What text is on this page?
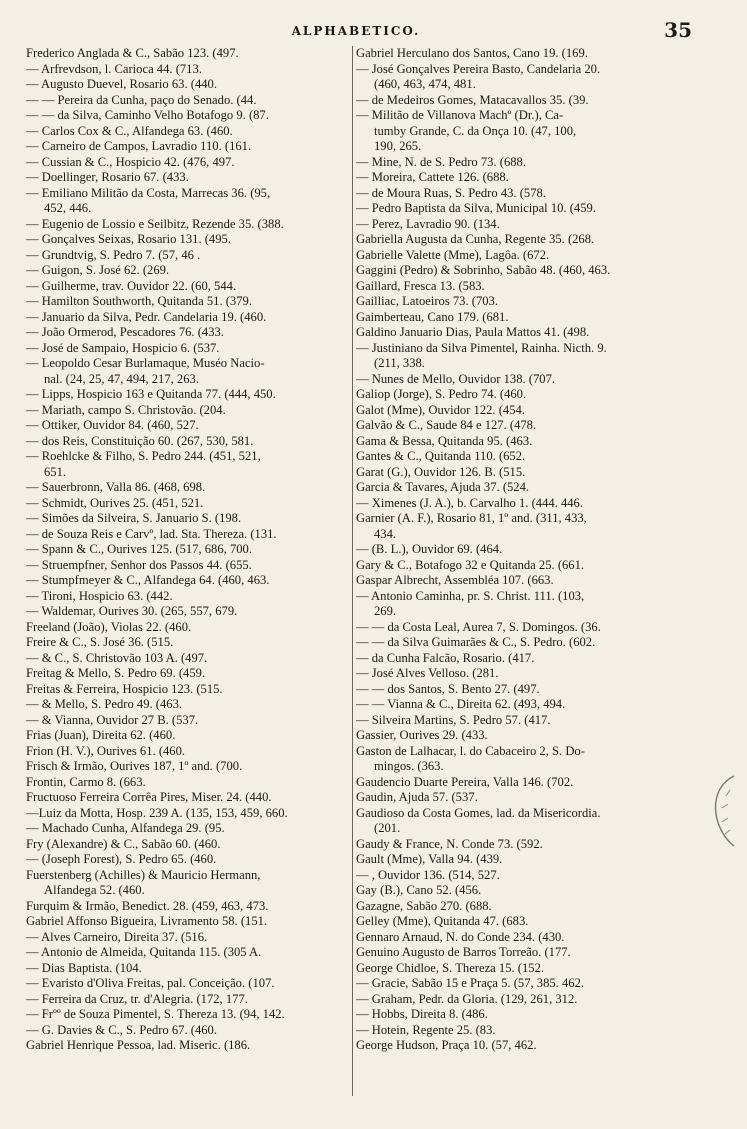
ALPHABETICO.	35
Frederico Anglada & C., Sabão 123. (497.
— Arfrevdson, l. Carioca 44. (713.
— Augusto Duevel, Rosario 63. (440.
— — Pereira da Cunha, paço do Senado. (44.
— — da Silva, Caminho Velho Botafogo 9. (87.
— Carlos Cox & C., Alfandega 63. (460.
— Carneiro de Campos, Lavradio 110. (161.
— Cussian & C., Hospicio 42. (476, 497.
— Doellinger, Rosario 67. (433.
— Emiliano Militão da Costa, Marrecas 36. (95,
452, 446.
— Eugenio de Lossio e Seilbitz, Rezende 35. (388.
— Gonçalves Seixas, Rosario 131. (495.
— Grundtvig, S. Pedro 7. (57, 46 .
— Guigon, S. José 62. (269.
— Guilherme, trav. Ouvidor 22. (60, 544.
— Hamilton Southworth, Quitanda 51. (379.
— Januario da Silva, Pedr. Candelaria 19. (460.
— João Ormerod, Pescadores 76. (433.
— José de Sampaio, Hospicio 6. (537.
— Leopoldo Cesar Burlamaque, Muséo Nacio-
nal. (24, 25, 47, 494, 217, 263.
— Lipps, Hospicio 163 e Quitanda 77. (444, 450.
— Mariath, campo S. Christovão. (204.
— Ottiker, Ouvidor 84. (460, 527.
— dos Reis, Constituição 60. (267, 530, 581.
— Roehlcke & Filho, S. Pedro 244. (451, 521,
651.
— Sauerbronn, Valla 86. (468, 698.
— Schmidt, Ourives 25. (451, 521.
— Simões da Silveira, S. Januario S. (198.
— de Souza Reis e Carvº, lad. Sta. Thereza. (131.
— Spann & C., Ourives 125. (517, 686, 700.
— Struempfner, Senhor dos Passos 44. (655.
— Stumpfmeyer & C., Alfandega 64. (460, 463.
— Tironi, Hospicio 63. (442.
— Waldemar, Ourives 30. (265, 557, 679.
Freeland (João), Violas 22. (460.
Freire & C., S. José 36. (515.
— & C., S. Christovão 103 A. (497.
Freitag & Mello, S. Pedro 69. (459.
Freitas & Ferreira, Hospicio 123. (515.
— & Mello, S. Pedro 49. (463.
— & Vianna, Ouvidor 27 B. (537.
Frias (Juan), Direita 62. (460.
Frion (H. V.), Ourives 61. (460.
Frisch & Irmão, Ourives 187, 1º and. (700.
Frontin, Carmo 8. (663.
Fructuoso Ferreira Corrêa Pires, Miser. 24. (440.
—Luiz da Motta, Hosp. 239 A. (135, 153, 459, 660.
— Machado Cunha, Alfandega 29. (95.
Fry (Alexandre) & C., Sabão 60. (460.
— (Joseph Forest), S. Pedro 65. (460.
Fuerstenberg (Achilles) & Mauricio Hermann,
Alfandega 52. (460.
Furquim & Irmão, Benedict. 28. (459, 463, 473.
Gabriel Affonso Bigueira, Livramento 58. (151.
— Alves Carneiro, Direita 37. (516.
— Antonio de Almeida, Quitanda 115. (305 A.
— Dias Baptista. (104.
— Evaristo d'Oliva Freitas, pal. Conceição. (107.
— Ferreira da Cruz, tr. d'Alegria. (172, 177.
— Frºº de Souza Pimentel, S. Thereza 13. (94, 142.
— G. Davies & C., S. Pedro 67. (460.
Gabriel Henrique Pessoa, lad. Miseric. (186.
Gabriel Herculano dos Santos, Cano 19. (169.
— José Gonçalves Pereira Basto, Candelaria 20.
(460, 463, 474, 481.
— de Medeiros Gomes, Matacavallos 35. (39.
— Militão de Villanova Machº (Dr.), Ca-
tumby Grande, C. da Onça 10. (47, 100,
190, 265.
— Mine, N. de S. Pedro 73. (688.
— Moreira, Cattete 126. (688.
— de Moura Ruas, S. Pedro 43. (578.
— Pedro Baptista da Silva, Municipal 10. (459.
— Perez, Lavradio 90. (134.
Gabriella Augusta da Cunha, Regente 35. (268.
Gabrielle Valette (Mme), Lagôa. (672.
Gaggini (Pedro) & Sobrinho, Sabão 48. (460, 463.
Gaillard, Fresca 13. (583.
Gailliac, Latoeiros 73. (703.
Gaimberteau, Cano 179. (681.
Galdino Januario Dias, Paula Mattos 41. (498.
— Justiniano da Silva Pimentel, Rainha. Nicth. 9.
(211, 338.
— Nunes de Mello, Ouvidor 138. (707.
Galiop (Jorge), S. Pedro 74. (460.
Galot (Mme), Ouvidor 122. (454.
Galvão & C., Saude 84 e 127. (478.
Gama & Bessa, Quitanda 95. (463.
Gantes & C., Quitanda 110. (652.
Garat (G.), Ouvidor 126. B. (515.
Garcia & Tavares, Ajuda 37. (524.
— Ximenes (J. A.), b. Carvalho 1. (444. 446.
Garnier (A. F.), Rosario 81, 1º and. (311, 433,
434.
— (B. L.), Ouvidor 69. (464.
Gary & C., Botafogo 32 e Quitanda 25. (661.
Gaspar Albrecht, Assembléa 107. (663.
— Antonio Caminha, pr. S. Christ. 111. (103,
269.
— — da Costa Leal, Aurea 7, S. Domingos. (36.
— — da Silva Guimarães & C., S. Pedro. (602.
— da Cunha Falcão, Rosario. (417.
— José Alves Velloso. (281.
— — dos Santos, S. Bento 27. (497.
— — Vianna & C., Direita 62. (493, 494.
— Silveira Martins, S. Pedro 57. (417.
Gassier, Ourives 29. (433.
Gaston de Lalhacar, l. do Cabaceiro 2, S. Do-
mingos. (363.
Gaudencio Duarte Pereira, Valla 146. (702.
Gaudin, Ajuda 57. (537.
Gaudioso da Costa Gomes, lad. da Misericordia.
(201.
Gaudy & France, N. Conde 73. (592.
Gault (Mme), Valla 94. (439.
— , Ouvidor 136. (514, 527.
Gay (B.), Cano 52. (456.
Gazagne, Sabão 270. (688.
Gelley (Mme), Quitanda 47. (683.
Gennaro Arnaud, N. do Conde 234. (430.
Genuino Augusto de Barros Torreão. (177.
George Chidloe, S. Thereza 15. (152.
— Gracie, Sabão 15 e Praça 5. (57, 385. 462.
— Graham, Pedr. da Gloria. (129, 261, 312.
— Hobbs, Direita 8. (486.
— Hotein, Regente 25. (83.
George Hudson, Praça 10. (57, 462.
